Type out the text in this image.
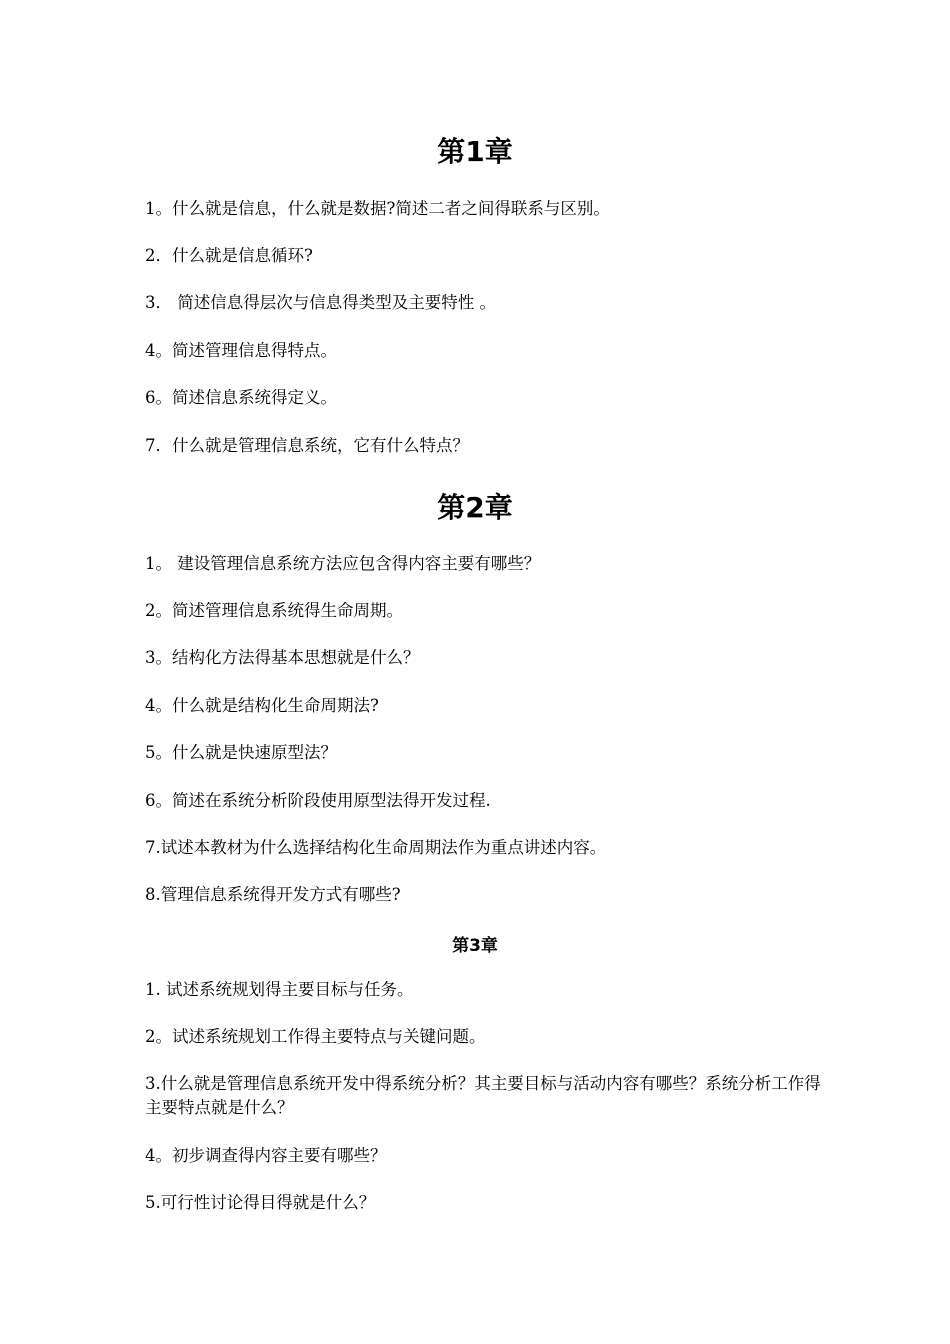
第1章

1。什么就是信息，什么就是数据?简述二者之间得联系与区别。

2．什么就是信息循环?

3． 简述信息得层次与信息得类型及主要特性 。

4。简述管理信息得特点。

6。简述信息系统得定义。

7．什么就是管理信息系统，它有什么特点？

第2章

1。 建设管理信息系统方法应包含得内容主要有哪些？

2。简述管理信息系统得生命周期。

3。结构化方法得基本思想就是什么？

4。什么就是结构化生命周期法?

5。什么就是快速原型法？

6。简述在系统分析阶段使用原型法得开发过程.

7.试述本教材为什么选择结构化生命周期法作为重点讲述内容。

8.管理信息系统得开发方式有哪些?

第3章

1. 试述系统规划得主要目标与任务。

2。试述系统规划工作得主要特点与关键问题。

3.什么就是管理信息系统开发中得系统分析？其主要目标与活动内容有哪些？系统分析工作得主要特点就是什么？

4。初步调查得内容主要有哪些？

5.可行性讨论得目得就是什么？
